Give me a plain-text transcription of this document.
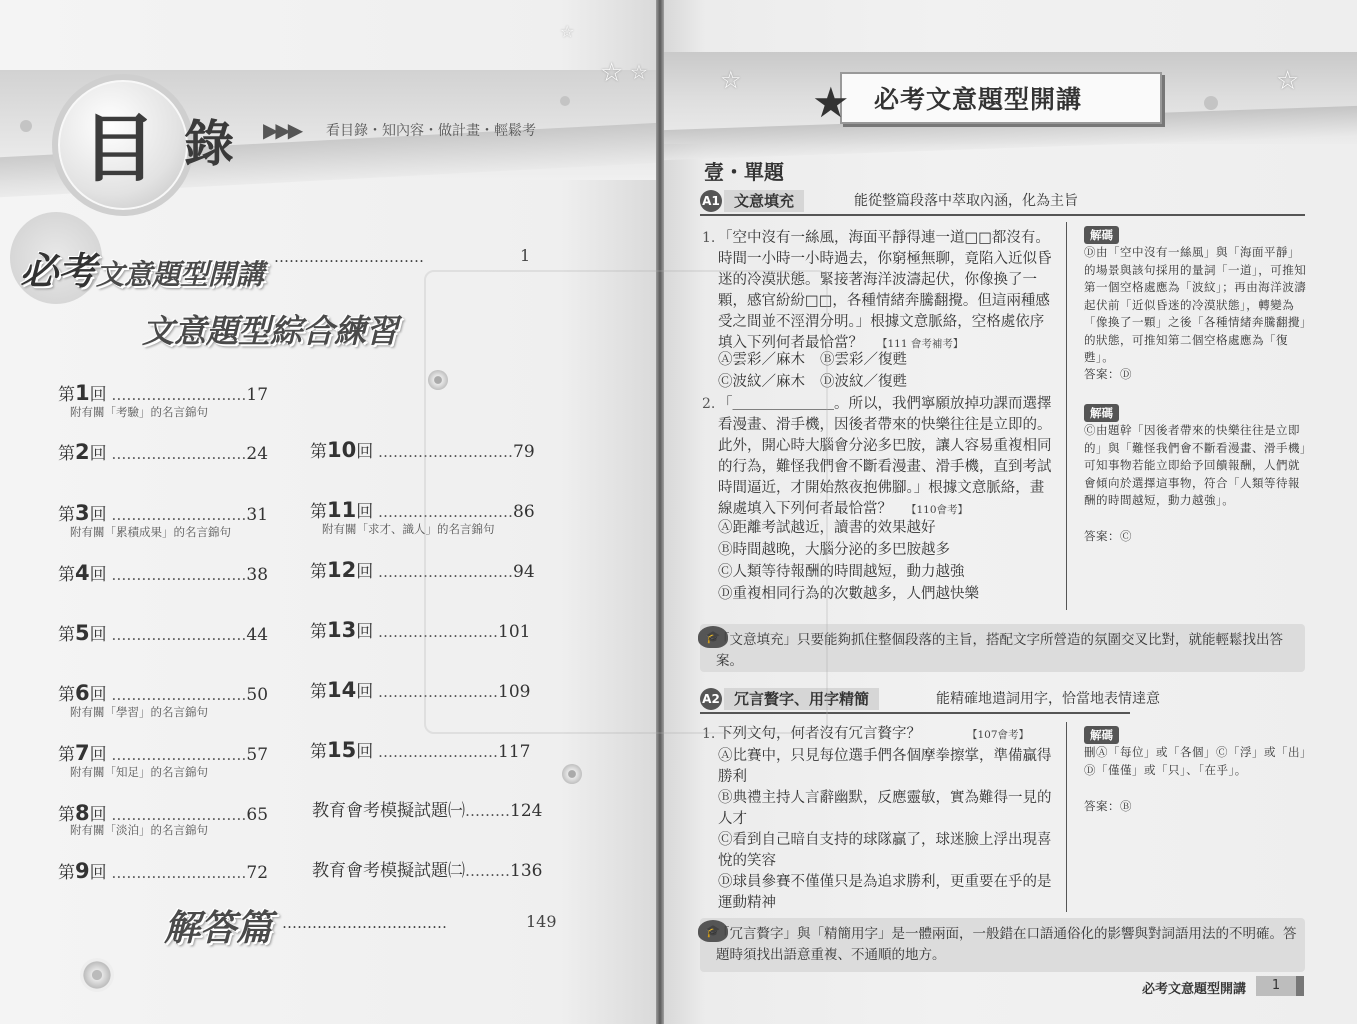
☆ ☆
☆
目 錄 ▶▶▶ 看目錄・知內容・做計畫・輕鬆考
必考文意題型開講
…………………………	1
文意題型綜合練習
第1回 ………………………17
附有關「考驗」的名言錦句
第2回 ………………………24
第3回 ………………………31
附有關「累積成果」的名言錦句
第4回 ………………………38
第5回 ………………………44
第6回 ………………………50
附有關「學習」的名言錦句
第7回 ………………………57
附有關「知足」的名言錦句
第8回 ………………………65
附有關「淡泊」的名言錦句
第9回 ………………………72
第10回 ………………………79
第11回 ………………………86
附有關「求才、識人」的名言錦句
第12回 ………………………94
第13回 ……………………101
第14回 ……………………109
第15回 ……………………117
教育會考模擬試題㈠………124
教育會考模擬試題㈡………136
解答篇 ……………………………	149
☆	☆
★ 必考文意題型開講
壹・單題
A1 文意填充	能從整篇段落中萃取內涵，化為主旨
1. 「空中沒有一絲風，海面平靜得連一道□□都沒有。時間一小時一小時過去，你窮極無聊，竟陷入近似昏迷的冷漠狀態。緊接著海洋波濤起伏，你像換了一顆，感官紛紛□□，各種情緒奔騰翻攪。但這兩種感受之間並不涇渭分明。」根據文意脈絡，空格處依序填入下列何者最恰當？ 【111 會考補考】
Ⓐ雲彩／麻木 Ⓑ雲彩／復甦
Ⓒ波紋／麻木 Ⓓ波紋／復甦
2. 「＿＿＿＿＿＿＿。所以，我們寧願放掉功課而選擇看漫畫、滑手機，因後者帶來的快樂往往是立即的。此外，開心時大腦會分泌多巴胺，讓人容易重複相同的行為，難怪我們會不斷看漫畫、滑手機，直到考試時間逼近，才開始熬夜抱佛腳。」根據文意脈絡，畫線處填入下列何者最恰當？ 【110會考】
Ⓐ距離考試越近，讀書的效果越好
Ⓑ時間越晚，大腦分泌的多巴胺越多
Ⓒ人類等待報酬的時間越短，動力越強
Ⓓ重複相同行為的次數越多，人們越快樂
解碼
Ⓓ由「空中沒有一絲風」與「海面平靜」的場景與該句採用的量詞「一道」，可推知第一個空格處應為「波紋」；再由海洋波濤起伏前「近似昏迷的冷漠狀態」，轉變為「像換了一顆」之後「各種情緒奔騰翻攪」的狀態，可推知第二個空格處應為「復甦」。
答案：Ⓓ
解碼
Ⓒ由題幹「因後者帶來的快樂往往是立即的」與「難怪我們會不斷看漫畫、滑手機」可知事物若能立即給予回饋報酬，人們就會傾向於選擇這事物，符合「人類等待報酬的時間越短，動力越強」。
答案：Ⓒ
🎓
「文意填充」只要能夠抓住整個段落的主旨，搭配文字所營造的氛圍交叉比對，就能輕鬆找出答案。
A2 冗言贅字、用字精簡	能精確地遣詞用字，恰當地表情達意
1. 下列文句，何者沒有冗言贅字？	【107會考】
Ⓐ比賽中，只見每位選手們各個摩拳擦掌，準備贏得勝利
Ⓑ典禮主持人言辭幽默，反應靈敏，實為難得一見的人才
Ⓒ看到自己暗自支持的球隊贏了，球迷臉上浮出現喜悅的笑容
Ⓓ球員參賽不僅僅只是為追求勝利，更重要在乎的是運動精神
解碼
刪Ⓐ「每位」或「各個」Ⓒ「浮」或「出」Ⓓ「僅僅」或「只」、「在乎」。
答案：Ⓑ
🎓
「冗言贅字」與「精簡用字」是一體兩面，一般錯在口語通俗化的影響與對詞語用法的不明確。答題時須找出語意重複、不通順的地方。
必考文意題型開講	1
